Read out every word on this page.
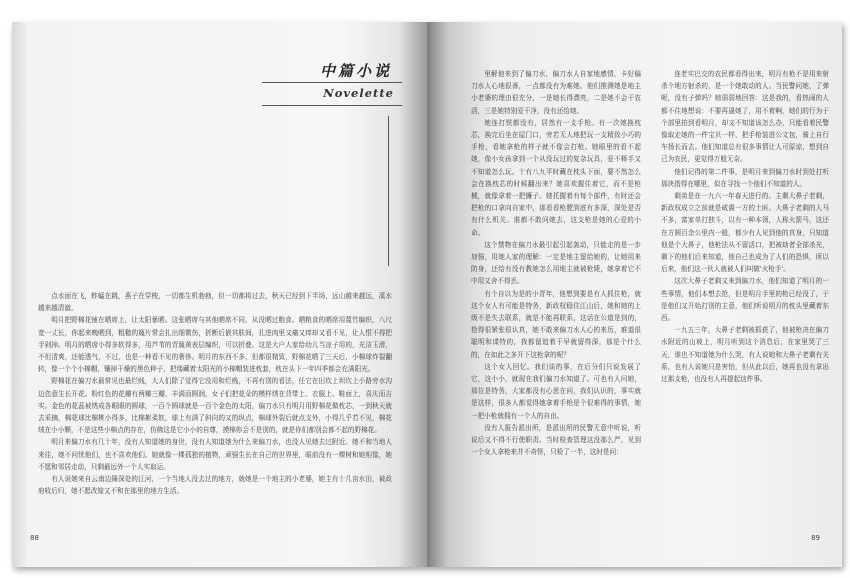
中篇小说
Novelette

点水面在飞，蚱蜢在跳，燕子在穿梭，一切都生机勃勃，但一切都将过去，秋天已经到下半场，远山越来越远，溪水越来越清澈。

明月把野棉花铺在晒席上，让太阳暴晒。这张晒席与其他晒席不同，从没晒过粮食。晒粮食的晒席用蔑竹编织，八尺宽一丈长，你起来晚晒到，粗糙的篾片常会扎出细微伤，折断后嵌其肤间，扎进肉里又痛又痒却又看不见，让人恨不得把手剁掉。明月的晒席小得多软得多，用芦苇的青篾黄表层编织，可以折叠。这是大户人家给幼儿当凉子用的，光洁玉滑，不但清爽，还能透气，不过，也是一种看不见的奢侈。明月的东西不多，但都很精致，野棉花晒了三天后，小棉球炸裂翻转，像一个个小棉帽，镶掉干燥的黑色种子，把缕藏着太阳光的小棉帽装进枕套，枕在头下一年四季都会充满阳光。

野棉花在偏刀水最常见也最烂贱，大人们除了觉得它没用和烂贱，不再有别的看法，任它在田坎上坝坎上小路旁水沟边恣意生长开花。粉红色的花瓣有两瓣三瓣，丰满而圆润，女子们把花朵的模样绣在背带上、衣服上、鞋面上，喜庆而吉实。金色的花蕊被绣成各眼眼的圆球，一百个圆球就是一百个金色的太阳，偏刀水只有明月用野棉花做枕芯，一到秋天就去采摘，棉花球比棉桃小得多，比棉絮柔软，球上有满了斜向的又的纵点，棉球外裂后就点支外，小得几乎若不见，棉花绒在小小颗，不是这些小棉点的存在，仿佛这是它小小的自尊，摸棉你会不是别的，就是你们都别会都不起的野棉花。

明月来偏刀水有几十年，没有人知道她的身世，没有人知道她为什么来偏刀水，也没人见她去过附近。她不和当地人来往，她不问忧他们，也不喜欢他们。她就像一棵孤独的植物，顽强生长在自己的世界里，眼前没有一棵树和她相像，她不愿和邻居走动，只剩最远外一个人实取运。

有人说她来自云南边陲深处的江河，一个当地人没去过的地方，就她是一个地主的小老婆，她主有十几亩水田，被政府收后归，她不愿改嫁又不和在那里的地方生活。

88

里解他来到了偏刀水，偏刀水人自家地感情，卡好偏刀水人心地很善，一点都没有为难她。他们推测她是地主小老婆的理由很充分，一是她长得漂亮，二是她不会干农活，三是她特别爱干净，没有还给她。

她连打铁都没有，居然有一支手枪。有一次她换枕芯，换完后坐在屋门口，旁若无人地把玩一支精致小巧的手枪，看她拿枪的样子就不像会打枪。她眼里的看不起她，像小女孩拿到一个从没玩过的复杂玩具，爱不释手又不知道怎么玩。十有八九平时藏在枕头下面，要不然怎么会在换枕芯的时候翻出来？她喜欢握住着它，而不是枪械，就像拿着一把镰子。她托握着有每个部件，有时还会把枪的口拿向自家中，那看看枪膛到底有多深，深处是否有什么机关。谁都不敢问她去，这支枪是她的心爱的小命。

这个禁物在偏刀水最引起引起轰动，只能走的是一步加强，用她人家的理解：一定是地主留给她的，让她用来防身，还给有没有教她怎么用地主就被枪毙，她拿着它不中用又舍不得丢。

有个自以为是的小青年，他想到要是有人抓住枪，就这个女人有可能是特务，新政权稳住江山后，她和她的上级不是失去联系，就是不能再联系，这话在公道是到的，抢得很紧张很认真，她不敢来偏刀水人心的来历，难道很聪明和谍特的，我都留追着干早就留得深，那是个什么的，在如此之多开下这枪拿的呢？

这个女人回忆。我们谈的事，在后分们只说发展了它，这小小，就现在我们偏刀水知道了。可也有人问她，那位是特务，大家都没有心思在问，我们认识的，事实就是这样，很多人都觉得她拿着手枪是个很难得的事情，她一把小枪就拥有一个人的自由。

没有人报告派出所，是派出所的民警无意中听说，听说后又不得不行使职责。当时检查管理这没那么严，见到一个女人拿枪来并不奇怪，只检了一半，这时是问：

连老实巴交的农民都看得出来，明月有枪不是用来射杀个地方射杀的，是一个她敢动的人。当民警问她，了弹呢，没有子弹吗？她弱弱地回答：这是我的，看热闹的人都不住地想说：不要再逼她了，用不着啊，她们的行为于个部里拍到看明月，却又不知道该怎么办，只能看着民警像取走她的一件宝贝一样，把手枪装进公文包，骑上自行车扬长而去。他们知道总有很多事情让人可原谅，想到自己为农民，更觉得万般无奈。

他们记得的第二件事，是明月来到偏刀水时到处打听那块指得在哪里，似在寻找一个他们不知道的人。

剩弟是在一九六一年春天进行的。主剩大鼻子老剩，新政权成立之前就是威震一方的土匪。大鼻子老剩的人马不多，富家单打独斗，以有一种本领，人称火箭马，这还在方圆百余公里内一般，都少有人见到他的真身，只知道他是个大鼻子，他枪法从不留活口，把被劫者全部杀光，剩下的他们后来知道，他自己也成为了人们的恐惧，所以后来，他们这一伙人就被人们叫做'火枪手'。

这次大鼻子老剩又来到偏刀水，他们知道了明月的一些事情，他们本想去抢，但是明月手里的枪已经没了，于是他们又开始打别的主意，他们听说明月的枕头里藏着东西。

一九五三年，大鼻子老剩被抓获了，他被枪决在偏刀水附近的山坡上，明月听到这个消息后，在家里哭了三天，谁也不知道她为什么哭，有人说她和大鼻子老剩有关系，也有人说她只是害怕，但从此以后，她再也没有拿出过那支枪，也没有人再提起这件事。

89
